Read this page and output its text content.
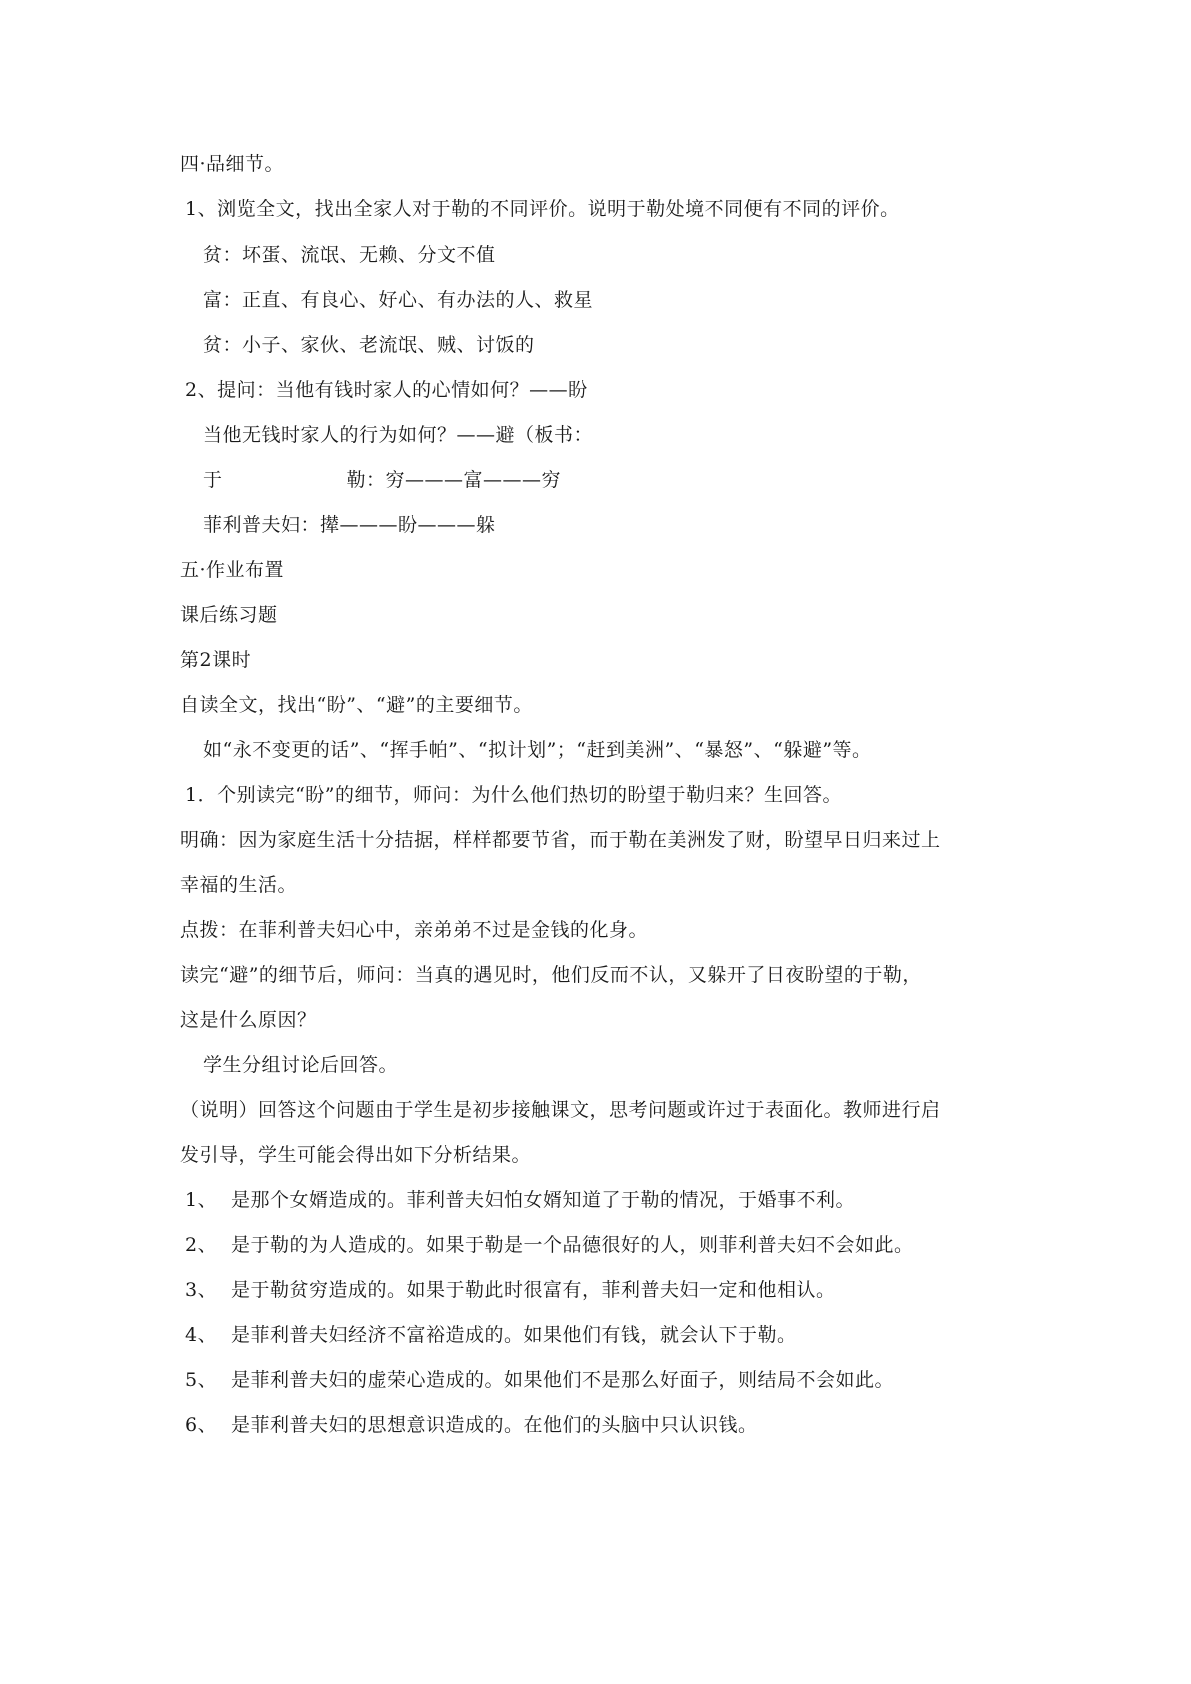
四·品细节。
1、浏览全文，找出全家人对于勒的不同评价。说明于勒处境不同便有不同的评价。
贫：坏蛋、流氓、无赖、分文不值
富：正直、有良心、好心、有办法的人、救星
贫：小子、家伙、老流氓、贼、讨饭的
2、提问：当他有钱时家人的心情如何？——盼
当他无钱时家人的行为如何？——避（板书：
于	勒：穷———富———穷
菲利普夫妇：撵———盼———躲
五·作业布置
课后练习题
第2课时
自读全文，找出“盼”、“避”的主要细节。
如“永不变更的话”、“挥手帕”、“拟计划”；“赶到美洲”、“暴怒”、“躲避”等。
1．个别读完“盼”的细节，师问：为什么他们热切的盼望于勒归来？生回答。
明确：因为家庭生活十分拮据，样样都要节省，而于勒在美洲发了财，盼望早日归来过上
幸福的生活。
点拨：在菲利普夫妇心中，亲弟弟不过是金钱的化身。
读完“避”的细节后，师问：当真的遇见时，他们反而不认，又躲开了日夜盼望的于勒，
这是什么原因？
学生分组讨论后回答。
（说明）回答这个问题由于学生是初步接触课文，思考问题或许过于表面化。教师进行启
发引导，学生可能会得出如下分析结果。
1、 是那个女婿造成的。菲利普夫妇怕女婿知道了于勒的情况，于婚事不利。
2、 是于勒的为人造成的。如果于勒是一个品德很好的人，则菲利普夫妇不会如此。
3、 是于勒贫穷造成的。如果于勒此时很富有，菲利普夫妇一定和他相认。
4、 是菲利普夫妇经济不富裕造成的。如果他们有钱，就会认下于勒。
5、 是菲利普夫妇的虚荣心造成的。如果他们不是那么好面子，则结局不会如此。
6、 是菲利普夫妇的思想意识造成的。在他们的头脑中只认识钱。
